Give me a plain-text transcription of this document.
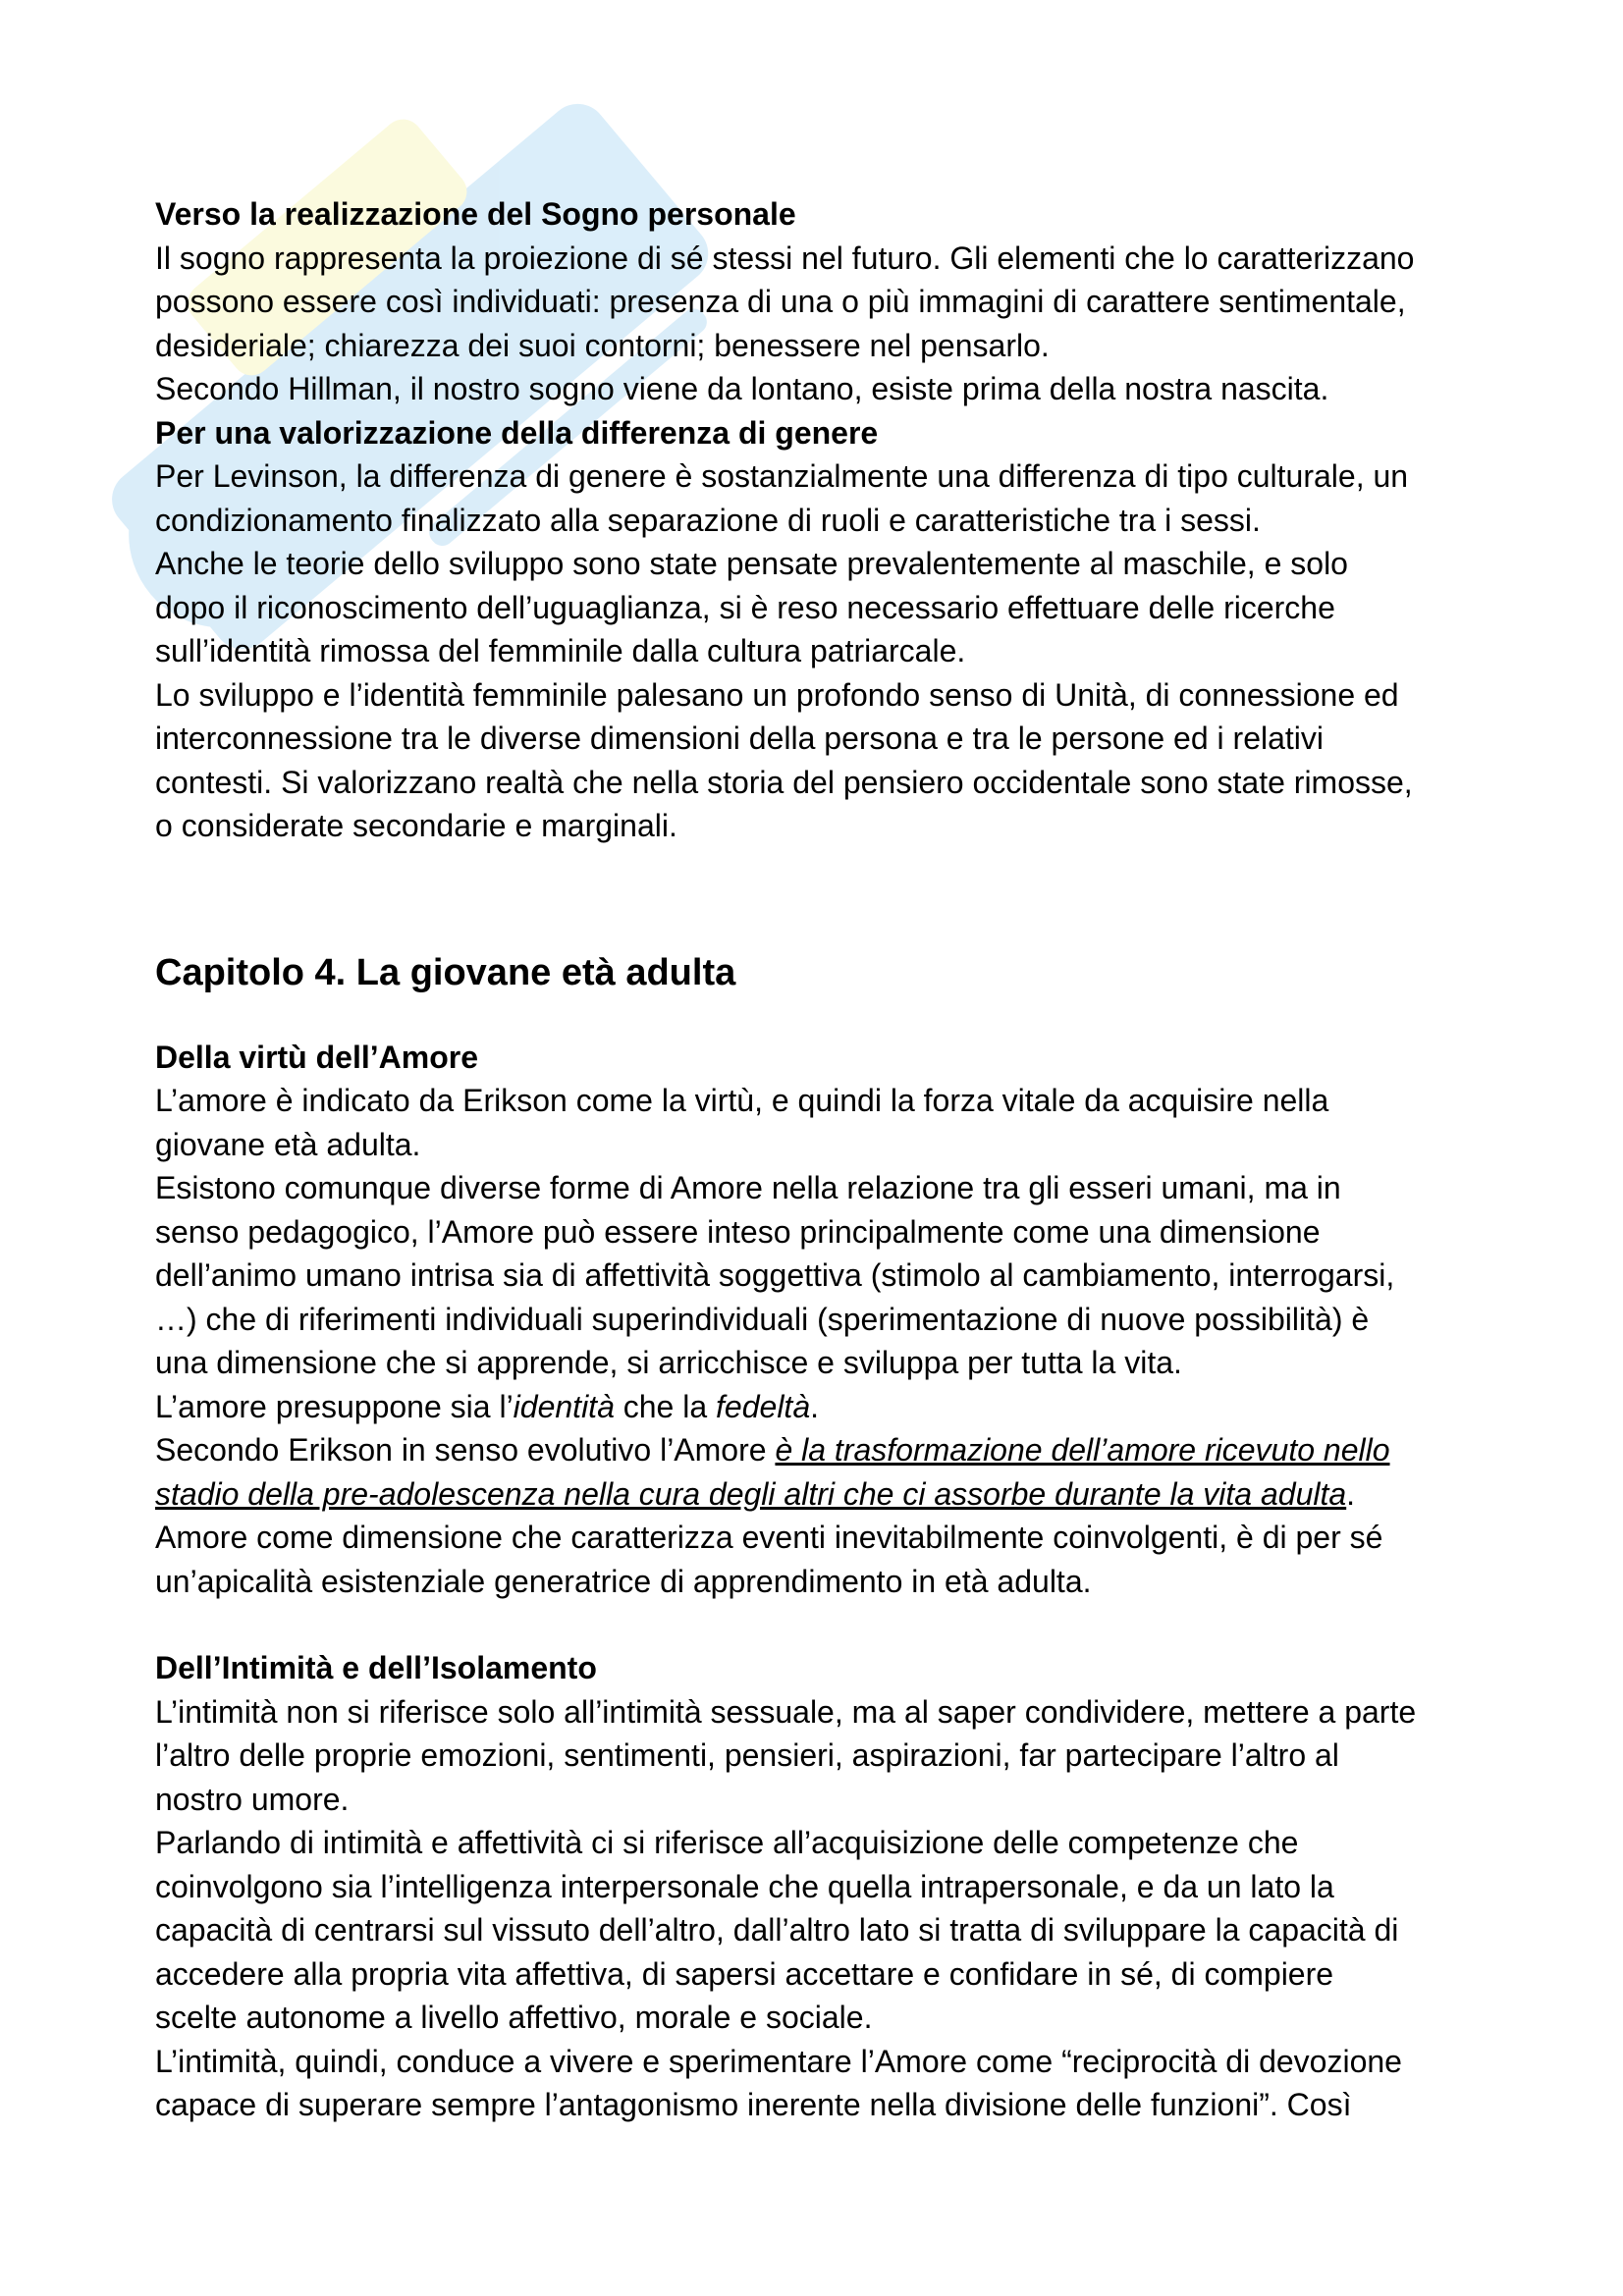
Verso la realizzazione del Sogno personale

Il sogno rappresenta la proiezione di sé stessi nel futuro. Gli elementi che lo caratterizzano

possono essere così individuati: presenza di una o più immagini di carattere sentimentale,

desideriale; chiarezza dei suoi contorni; benessere nel pensarlo.

Secondo Hillman, il nostro sogno viene da lontano, esiste prima della nostra nascita.

Per una valorizzazione della differenza di genere

Per Levinson, la differenza di genere è sostanzialmente una differenza di tipo culturale, un

condizionamento finalizzato alla separazione di ruoli e caratteristiche tra i sessi.

Anche le teorie dello sviluppo sono state pensate prevalentemente al maschile, e solo

dopo il riconoscimento dell’uguaglianza, si è reso necessario effettuare delle ricerche

sull’identità rimossa del femminile dalla cultura patriarcale.

Lo sviluppo e l’identità femminile palesano un profondo senso di Unità, di connessione ed

interconnessione tra le diverse dimensioni della persona e tra le persone ed i relativi

contesti. Si valorizzano realtà che nella storia del pensiero occidentale sono state rimosse,

o considerate secondarie e marginali.

Capitolo 4. La giovane età adulta

Della virtù dell’Amore

L’amore è indicato da Erikson come la virtù, e quindi la forza vitale da acquisire nella

giovane età adulta.

Esistono comunque diverse forme di Amore nella relazione tra gli esseri umani, ma in

senso pedagogico, l’Amore può essere inteso principalmente come una dimensione

dell’animo umano intrisa sia di affettività soggettiva (stimolo al cambiamento, interrogarsi,

…) che di riferimenti individuali superindividuali (sperimentazione di nuove possibilità) è

una dimensione che si apprende, si arricchisce e sviluppa per tutta la vita.

L’amore presuppone sia l’identità che la fedeltà.

Secondo Erikson in senso evolutivo l’Amore è la trasformazione dell’amore ricevuto nello

stadio della pre-adolescenza nella cura degli altri che ci assorbe durante la vita adulta.

Amore come dimensione che caratterizza eventi inevitabilmente coinvolgenti, è di per sé

un’apicalità esistenziale generatrice di apprendimento in età adulta.

Dell’Intimità e dell’Isolamento

L’intimità non si riferisce solo all’intimità sessuale, ma al saper condividere, mettere a parte

l’altro delle proprie emozioni, sentimenti, pensieri, aspirazioni, far partecipare l’altro al

nostro umore.

Parlando di intimità e affettività ci si riferisce all’acquisizione delle competenze che

coinvolgono sia l’intelligenza interpersonale che quella intrapersonale, e da un lato la

capacità di centrarsi sul vissuto dell’altro, dall’altro lato si tratta di sviluppare la capacità di

accedere alla propria vita affettiva, di sapersi accettare e confidare in sé, di compiere

scelte autonome a livello affettivo, morale e sociale.

L’intimità, quindi, conduce a vivere e sperimentare l’Amore come “reciprocità di devozione

capace di superare sempre l’antagonismo inerente nella divisione delle funzioni”. Così
